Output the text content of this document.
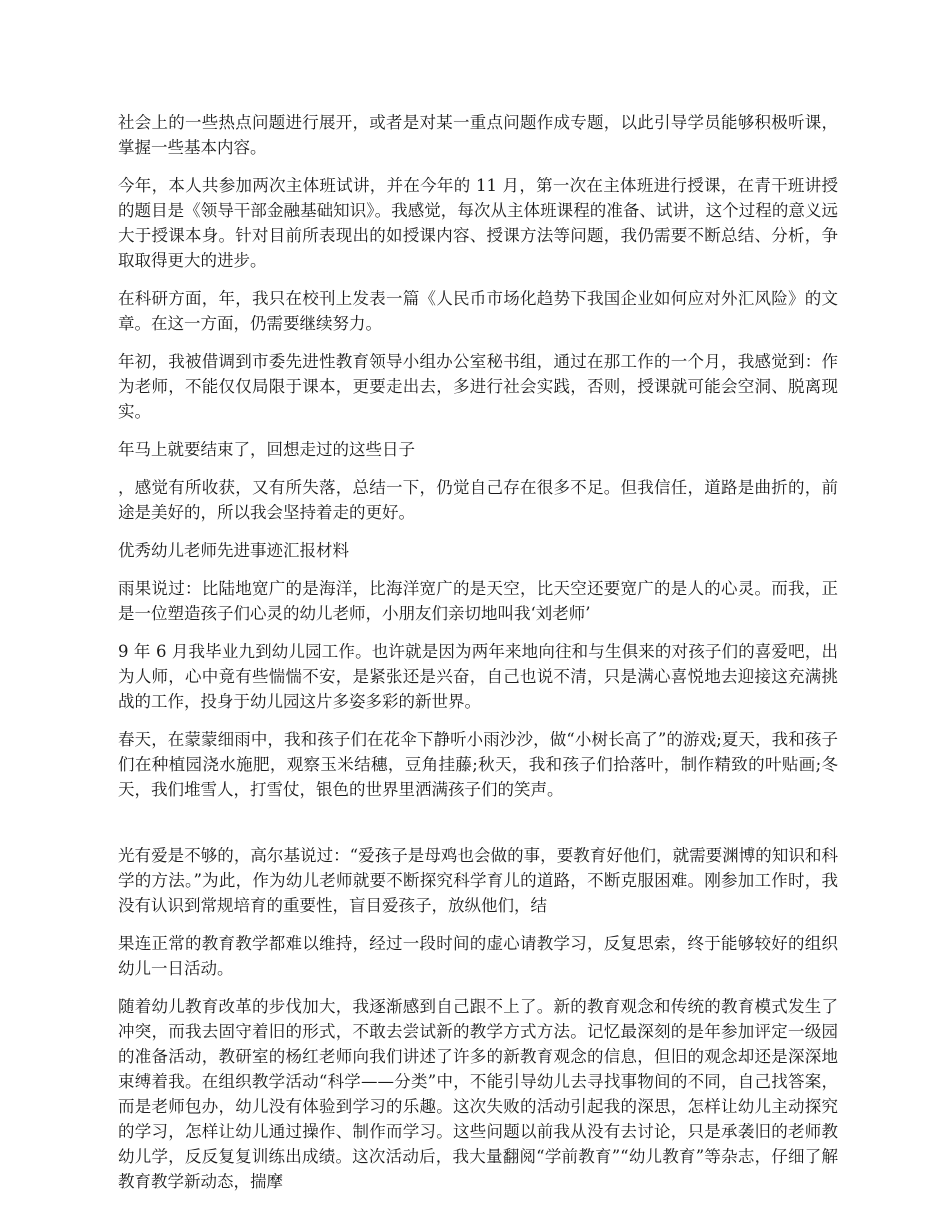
社会上的一些热点问题进行展开，或者是对某一重点问题作成专题，以此引导学员能够积极听课，掌握一些基本内容。

今年，本人共参加两次主体班试讲，并在今年的 11 月，第一次在主体班进行授课，在青干班讲授的题目是《领导干部金融基础知识》。我感觉，每次从主体班课程的准备、试讲，这个过程的意义远大于授课本身。针对目前所表现出的如授课内容、授课方法等问题，我仍需要不断总结、分析，争取取得更大的进步。

在科研方面，年，我只在校刊上发表一篇《人民币市场化趋势下我国企业如何应对外汇风险》的文章。在这一方面，仍需要继续努力。

年初，我被借调到市委先进性教育领导小组办公室秘书组，通过在那工作的一个月，我感觉到：作为老师，不能仅仅局限于课本，更要走出去，多进行社会实践，否则，授课就可能会空洞、脱离现实。

年马上就要结束了，回想走过的这些日子

，感觉有所收获，又有所失落，总结一下，仍觉自己存在很多不足。但我信任，道路是曲折的，前途是美好的，所以我会坚持着走的更好。

优秀幼儿老师先进事迹汇报材料

雨果说过：比陆地宽广的是海洋，比海洋宽广的是天空，比天空还要宽广的是人的心灵。而我，正是一位塑造孩子们心灵的幼儿老师，小朋友们亲切地叫我‘刘老师’

9 年 6 月我毕业九到幼儿园工作。也许就是因为两年来地向往和与生俱来的对孩子们的喜爱吧，出为人师，心中竟有些惴惴不安，是紧张还是兴奋，自己也说不清，只是满心喜悦地去迎接这充满挑战的工作，投身于幼儿园这片多姿多彩的新世界。

春天，在蒙蒙细雨中，我和孩子们在花伞下静听小雨沙沙，做“小树长高了”的游戏;夏天，我和孩子们在种植园浇水施肥，观察玉米结穗，豆角挂藤;秋天，我和孩子们拾落叶，制作精致的叶贴画;冬天，我们堆雪人，打雪仗，银色的世界里洒满孩子们的笑声。

光有爱是不够的，高尔基说过：“爱孩子是母鸡也会做的事，要教育好他们，就需要渊博的知识和科学的方法。”为此，作为幼儿老师就要不断探究科学育儿的道路，不断克服困难。刚参加工作时，我没有认识到常规培育的重要性，盲目爱孩子，放纵他们，结

果连正常的教育教学都难以维持，经过一段时间的虚心请教学习，反复思索，终于能够较好的组织幼儿一日活动。

随着幼儿教育改革的步伐加大，我逐渐感到自己跟不上了。新的教育观念和传统的教育模式发生了冲突，而我去固守着旧的形式，不敢去尝试新的教学方式方法。记忆最深刻的是年参加评定一级园的准备活动，教研室的杨红老师向我们讲述了许多的新教育观念的信息，但旧的观念却还是深深地束缚着我。在组织教学活动“科学——分类”中，不能引导幼儿去寻找事物间的不同，自己找答案，而是老师包办，幼儿没有体验到学习的乐趣。这次失败的活动引起我的深思，怎样让幼儿主动探究的学习，怎样让幼儿通过操作、制作而学习。这些问题以前我从没有去讨论，只是承袭旧的老师教幼儿学，反反复复训练出成绩。这次活动后，我大量翻阅“学前教育”“幼儿教育”等杂志，仔细了解教育教学新动态，揣摩
